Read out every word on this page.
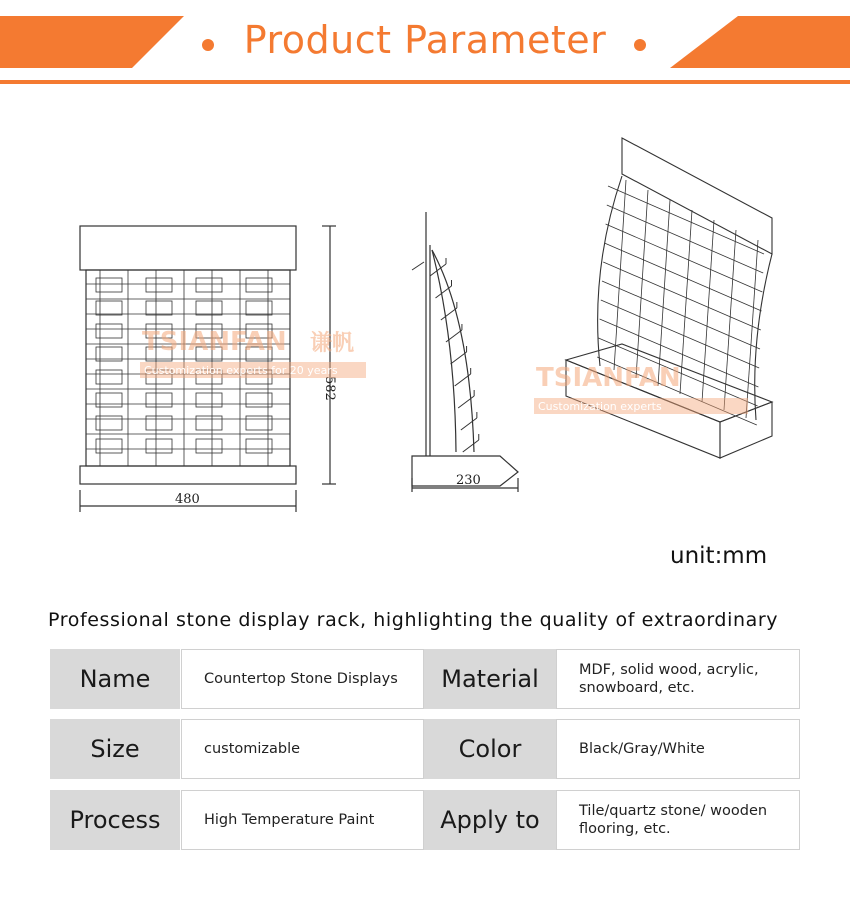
Product Parameter
480
582
TSIANFAN 谦帆
Customization experts for 20 years
230
TSIANFAN
Customization experts
unit:mm
Professional stone display rack, highlighting the quality of extraordinary
Name	Countertop Stone Displays	Material	MDF, solid wood, acrylic, snowboard, etc.
Size	customizable	Color	Black/Gray/White
Process	High Temperature Paint	Apply to	Tile/quartz stone/ wooden flooring, etc.
